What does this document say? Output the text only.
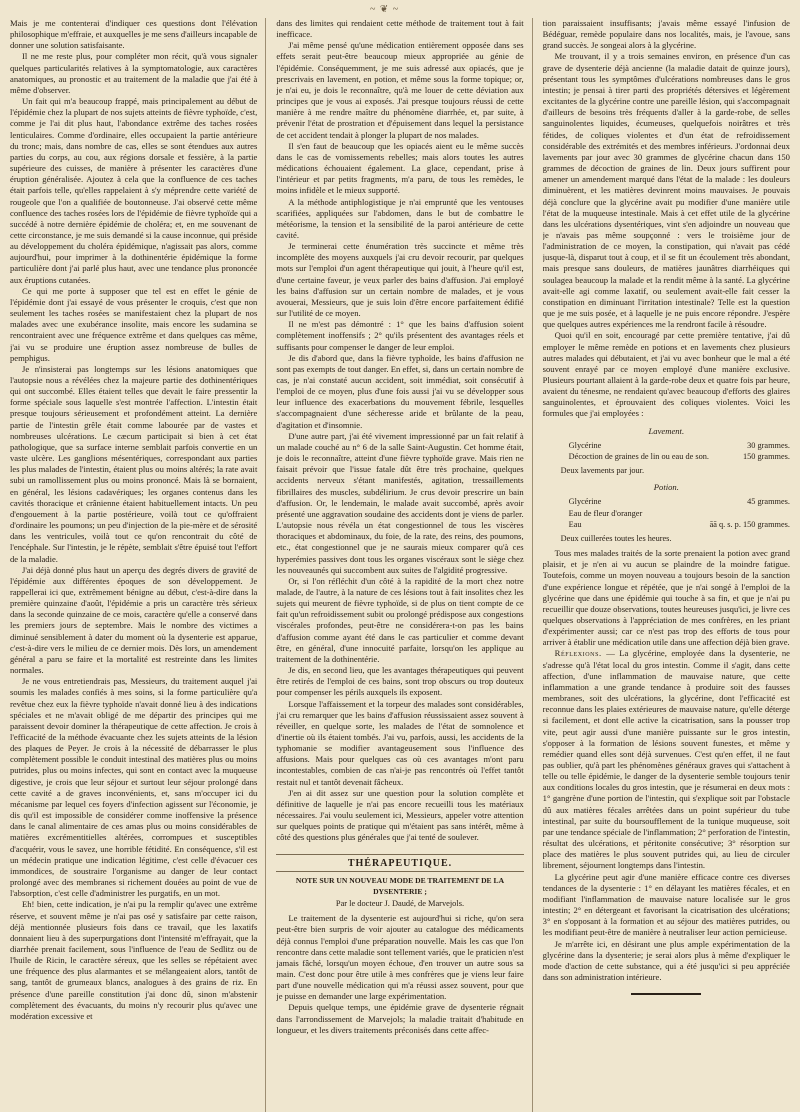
~ ❦ ~

Mais je me contenterai d'indiquer ces questions dont l'élévation philosophique m'effraie, et auxquelles je me sens d'ailleurs incapable de donner une solution satisfaisante.

Il ne me reste plus, pour compléter mon récit, qu'à vous signaler quelques particularités relatives à la symptomatologie, aux caractères anatomiques, au pronostic et au traitement de la maladie que j'ai été à même d'observer.

Un fait qui m'a beaucoup frappé, mais principalement au début de l'épidémie chez la plupart de nos sujets atteints de fièvre typhoïde, c'est, comme je l'ai dit plus haut, l'abondance extrême des taches rosées lenticulaires. Comme d'ordinaire, elles occupaient la partie antérieure du tronc; mais, dans nombre de cas, elles se sont étendues aux autres parties du corps, au cou, aux régions dorsale et fessière, à la partie supérieure des cuisses, de manière à présenter les caractères d'une éruption généralisée. Ajoutez à cela que la confluence de ces taches était parfois telle, qu'elles rappelaient à s'y méprendre cette variété de rougeole que l'on a qualifiée de boutonneuse. J'ai observé cette même confluence des taches rosées lors de l'épidémie de fièvre typhoïde qui a succédé à notre dernière épidémie de choléra; et, en me souvenant de cette circonstance, je me suis demandé si la cause inconnue, qui préside au développement du choléra épidémique, n'agissait pas alors, comme aujourd'hui, pour imprimer à la dothinentérie épidémique la forme particulière dont j'ai parlé plus haut, avec une tendance plus prononcée aux éruptions cutanées.

Ce qui me porte à supposer que tel est en effet le génie de l'épidémie dont j'ai essayé de vous présenter le croquis, c'est que non seulement les taches rosées se manifestaient chez la plupart de nos malades avec une exubérance insolite, mais encore les sudamina se rencontraient avec une fréquence extrême et dans quelques cas même, j'ai vu se produire une éruption assez nombreuse de bulles de pemphigus.

Je n'insisterai pas longtemps sur les lésions anatomiques que l'autopsie nous a révélées chez la majeure partie des dothinentériques qui ont succombé. Elles étaient telles que devait le faire pressentir la forme spéciale sous laquelle s'est montrée l'affection. L'intestin était presque toujours sérieusement et profondément atteint. La dernière partie de l'intestin grêle était comme labourée par de vastes et nombreuses ulcérations. Le cæcum participait si bien à cet état pathologique, que sa surface interne semblait parfois convertie en un vaste ulcère. Les ganglions mésentériques, correspondant aux parties les plus malades de l'intestin, étaient plus ou moins altérés; la rate avait subi un ramollissement plus ou moins prononcé. Mais là se bornaient, en général, les lésions cadavériques; les organes contenus dans les cavités thoracique et crânienne étaient habituellement intacts. Un peu d'engouement à la partie postérieure, voilà tout ce qu'offraient d'ordinaire les poumons; un peu d'injection de la pie-mère et de sérosité dans les ventricules, voilà tout ce qu'on rencontrait du côté de l'encéphale. Sur l'intestin, je le répète, semblait s'être épuisé tout l'effort de la maladie.

J'ai déjà donné plus haut un aperçu des degrés divers de gravité de l'épidémie aux différentes époques de son développement. Je rappellerai ici que, extrêmement bénigne au début, c'est-à-dire dans la première quinzaine d'août, l'épidémie a pris un caractère très sérieux dans la seconde quinzaine de ce mois, caractère qu'elle a conservé dans les premiers jours de septembre. Mais le nombre des victimes a diminué sensiblement à dater du moment où la dysenterie est apparue, c'est-à-dire vers le milieu de ce dernier mois. Dès lors, un amendement général a paru se faire et la mortalité est restreinte dans les limites normales.

Je ne vous entretiendrais pas, Messieurs, du traitement auquel j'ai soumis les malades confiés à mes soins, si la forme particulière qu'a revêtue chez eux la fièvre typhoïde n'avait donné lieu à des indications spéciales et ne m'avait obligé de me départir des principes qui me paraissent devoir dominer la thérapeutique de cette affection. Je crois à l'efficacité de la méthode évacuante chez les sujets atteints de la lésion des plaques de Peyer. Je crois à la nécessité de débarrasser le plus complètement possible le conduit intestinal des matières plus ou moins putrides, plus ou moins infectes, qui sont en contact avec la muqueuse digestive, je crois que leur séjour et surtout leur séjour prolongé dans cette cavité a de graves inconvénients, et, sans m'occuper ici du mécanisme par lequel ces foyers d'infection agissent sur l'économie, je dis qu'il est impossible de considérer comme inoffensive la présence dans le canal alimentaire de ces amas plus ou moins considérables de matières excrémentitielles altérées, corrompues et susceptibles d'acquérir, vous le savez, une horrible fétidité. En conséquence, s'il est un médecin pratique une indication légitime, c'est celle d'évacuer ces immondices, de soustraire l'organisme au danger de leur contact prolongé avec des membranes si richement douées au point de vue de l'absorption, c'est celle d'administrer les purgatifs, en un mot.

Eh! bien, cette indication, je n'ai pu la remplir qu'avec une extrême réserve, et souvent même je n'ai pas osé y satisfaire par cette raison, déjà mentionnée plusieurs fois dans ce travail, que les laxatifs donnaient lieu à des superpurgations dont l'intensité m'effrayait, que la diarrhée prenait facilement, sous l'influence de l'eau de Sedlitz ou de l'huile de Ricin, le caractère séreux, que les selles se répétaient avec une fréquence des plus alarmantes et se mélangeaient alors, tantôt de sang, tantôt de grumeaux blancs, analogues à des grains de riz. En présence d'une pareille constitution j'ai donc dû, sinon m'abstenir complètement des évacuants, du moins n'y recourir plus qu'avec une modération excessive et

dans des limites qui rendaient cette méthode de traitement tout à fait inefficace.

J'ai même pensé qu'une médication entièrement opposée dans ses effets serait peut-être beaucoup mieux appropriée au génie de l'épidémie. Conséquemment, je me suis adressé aux opiacés, que je prescrivais en lavement, en potion, et même sous la forme topique; or, je n'ai eu, je dois le reconnaître, qu'à me louer de cette déviation aux principes que je vous ai exposés. J'ai presque toujours réussi de cette manière à me rendre maître du phénomène diarrhée, et, par suite, à prévenir l'état de prostration et d'épuisement dans lequel la persistance de cet accident tendait à plonger la plupart de nos malades.

Il s'en faut de beaucoup que les opiacés aient eu le même succès dans le cas de vomissements rebelles; mais alors toutes les autres médications échouaient également. La glace, cependant, prise à l'intérieur et par petits fragments, m'a paru, de tous les remèdes, le moins infidèle et le mieux supporté.

A la méthode antiphlogistique je n'ai emprunté que les ventouses scarifiées, appliquées sur l'abdomen, dans le but de combattre le météorisme, la tension et la sensibilité de la paroi antérieure de cette cavité.

Je terminerai cette énumération très succincte et même très incomplète des moyens auxquels j'ai cru devoir recourir, par quelques mots sur l'emploi d'un agent thérapeutique qui jouit, à l'heure qu'il est, d'une certaine faveur, je veux parler des bains d'affusion. J'ai employé les bains d'affusion sur un certain nombre de malades, et je vous avouerai, Messieurs, que je suis loin d'être encore parfaitement édifié sur l'utilité de ce moyen.

Il ne m'est pas démontré : 1° que les bains d'affusion soient complètement inoffensifs ; 2° qu'ils présentent des avantages réels et suffisants pour compenser le danger de leur emploi.

Je dis d'abord que, dans la fièvre typhoïde, les bains d'affusion ne sont pas exempts de tout danger. En effet, si, dans un certain nombre de cas, je n'ai constaté aucun accident, soit immédiat, soit consécutif à l'emploi de ce moyen, plus d'une fois aussi j'ai vu se développer sous leur influence des exacerbations du mouvement fébrile, lesquelles s'accompagnaient d'une sécheresse aride et brûlante de la peau, d'agitation et d'insomnie.

D'une autre part, j'ai été vivement impressionné par un fait relatif à un malade couché au n° 6 de la salle Saint-Augustin. Cet homme était, je dois le reconnaître, atteint d'une fièvre typhoïde grave. Mais rien ne faisait prévoir que l'issue fatale dût être très prochaine, quelques accidents nerveux s'étant manifestés, agitation, tressaillements fibrillaires des muscles, subdélirium. Je crus devoir prescrire un bain d'affusion. Or, le lendemain, le malade avait succombé, après avoir présenté une aggravation soudaine des accidents dont je viens de parler. L'autopsie nous révéla un état congestionnel de tous les viscères thoraciques et abdominaux, du foie, de la rate, des reins, des poumons, etc., état congestionnel que je ne saurais mieux comparer qu'à ces hyperémies passives dont tous les organes viscéraux sont le siège chez les nouveaunés qui succombent aux suites de l'algidité progressive.

Or, si l'on réfléchit d'un côté à la rapidité de la mort chez notre malade, de l'autre, à la nature de ces lésions tout à fait insolites chez les sujets qui meurent de fièvre typhoïde, si de plus on tient compte de ce fait qu'un refroidissement subit ou prolongé prédispose aux congestions viscérales profondes, peut-être ne considérera-t-on pas les bains d'affusion comme ayant été dans le cas particulier et comme devant être, en général, d'une innocuité parfaite, lorsqu'on les applique au traitement de la dothinentérie.

Je dis, en second lieu, que les avantages thérapeutiques qui peuvent être retirés de l'emploi de ces bains, sont trop obscurs ou trop douteux pour compenser les périls auxquels ils exposent.

Lorsque l'affaissement et la torpeur des malades sont considérables, j'ai cru remarquer que les bains d'affusion réussissaient assez souvent à réveiller, en quelque sorte, les malades de l'état de somnolence et d'inertie où ils étaient tombés. J'ai vu, parfois, aussi, les accidents de la typhomanie se modifier avantageusement sous l'influence des affusions. Mais pour quelques cas où ces avantages m'ont paru incontestables, combien de cas n'ai-je pas rencontrés où l'effet tantôt restait nul et tantôt devenait fâcheux.

J'en ai dit assez sur une question pour la solution complète et définitive de laquelle je n'ai pas encore recueilli tous les matériaux nécessaires. J'ai voulu seulement ici, Messieurs, appeler votre attention sur quelques points de pratique qui m'étaient pas sans intérêt, même à côté des questions plus générales que j'ai tenté de soulever.

THÉRAPEUTIQUE.
NOTE SUR UN NOUVEAU MODE DE TRAITEMENT DE LA DYSENTERIE ;
Par le docteur J. Daudé, de Marvejols.

Le traitement de la dysenterie est aujourd'hui si riche, qu'on sera peut-être bien surpris de voir ajouter au catalogue des médicaments déjà connus l'emploi d'une préparation nouvelle. Mais les cas que l'on rencontre dans cette maladie sont tellement variés, que le praticien n'est jamais fâché, lorsqu'un moyen échoue, d'en trouver un autre sous sa main. C'est donc pour être utile à mes confrères que je viens leur faire part d'une nouvelle médication qui m'a réussi assez souvent, pour que je puisse en demander une large expérimentation.

Depuis quelque temps, une épidémie grave de dysenterie régnait dans l'arrondissement de Marvejols; la maladie traitait d'habitude en longueur, et les divers traitements préconisés dans cette affec-

tion paraissaient insuffisants; j'avais même essayé l'infusion de Bédéguar, remède populaire dans nos localités, mais, je l'avoue, sans grand succès. Je songeai alors à la glycérine.

Me trouvant, il y a trois semaines environ, en présence d'un cas grave de dysenterie déjà ancienne (la maladie datait de quinze jours), présentant tous les symptômes d'ulcérations nombreuses dans le gros intestin; je pensai à tirer parti des propriétés détersives et légèrement excitantes de la glycérine contre une pareille lésion, qui s'accompagnait d'ailleurs de besoins très fréquents d'aller à la garde-robe, de selles sanguinolentes liquides, écumeuses, quelquefois noirâtres et très fétides, de coliques violentes et d'un état de refroidissement considérable des extrémités et des membres inférieurs. J'ordonnai deux lavements par jour avec 30 grammes de glycérine chacun dans 150 grammes de décoction de graines de lin. Deux jours suffirent pour amener un amendement marqué dans l'état de la malade : les douleurs diminuèrent, et les matières devinrent moins mauvaises. Je pouvais déjà conclure que la glycérine avait pu modifier d'une manière utile l'état de la muqueuse intestinale. Mais à cet effet utile de la glycérine dans les ulcérations dysentériques, vint s'en adjoindre un nouveau que je n'avais pas même soupçonné : vers le troisième jour de l'administration de ce moyen, la constipation, qui n'avait pas cédé jusque-là, disparut tout à coup, et il se fit un écoulement très abondant, mais presque sans douleurs, de matières jaunâtres diarrhéiques qui soulagea beaucoup la malade et la rendit même à la santé. La glycérine avait-elle agi comme laxatif, ou seulement avait-elle fait cesser la constipation en diminuant l'irritation intestinale? Telle est la question que je me suis posée, et à laquelle je ne puis encore répondre. J'espère que quelques autres expériences me la rendront facile à résoudre.

Quoi qu'il en soit, encouragé par cette première tentative, j'ai dû employer le même remède en potions et en lavements chez plusieurs autres malades qui débutaient, et j'ai vu avec bonheur que le mal a été souvent enrayé par ce moyen employé d'une manière exclusive. Plusieurs pourtant allaient à la garde-robe deux et quatre fois par heure, avaient du ténesme, ne rendaient qu'avec beaucoup d'efforts des glaires sanguinolentes, et éprouvaient des coliques violentes. Voici les formules que j'ai employées :

Lavement.
Glycérine	30 grammes.
Décoction de graines de lin ou eau de son.	150 grammes.
Deux lavements par jour.
Potion.
Glycérine	45 grammes.
Eau de fleur d'oranger
Eau	āā q. s. p. 150 grammes.
Deux cuillerées toutes les heures.

Tous mes malades traités de la sorte prenaient la potion avec grand plaisir, et je n'en ai vu aucun se plaindre de la moindre fatigue. Toutefois, comme un moyen nouveau a toujours besoin de la sanction d'une expérience longue et répétée, que je n'ai songé à l'emploi de la glycérine que dans une épidémie qui touche à sa fin, et que je n'ai pu recueillir que douze observations, toutes heureuses jusqu'ici, je livre ces quelques observations à l'appréciation de mes confrères, en les priant d'expérimenter aussi; car ce n'est pas trop des efforts de tous pour arriver à établir une médication utile dans une affection déjà bien grave.

Réflexions. — La glycérine, employée dans la dysenterie, ne s'adresse qu'à l'état local du gros intestin. Comme il s'agit, dans cette affection, d'une inflammation de mauvaise nature, que cette inflammation a une grande tendance à produire soit des fausses membranes, soit des ulcérations, la glycérine, dont l'efficacité est reconnue dans les plaies extérieures de mauvaise nature, qu'elle déterge si facilement, et dont elle active la cicatrisation, sans la pousser trop vite, peut agir aussi d'une manière puissante sur le gros intestin, s'opposer à la formation de lésions souvent funestes, et même y remédier quand elles sont déjà survenues. C'est qu'en effet, il ne faut pas oublier, qu'à part les phénomènes généraux graves qui s'attachent à telle ou telle épidémie, le danger de la dysenterie semble toujours tenir aux conditions locales du gros intestin, que je résumerai en deux mots : 1° gangrène d'une portion de l'intestin, qui s'explique soit par l'obstacle dû aux matières fécales arrêtées dans un point supérieur du tube intestinal, par suite du boursoufflement de la tunique muqueuse, soit par une tendance spéciale de l'inflammation; 2° perforation de l'intestin, résultat des ulcérations, et péritonite consécutive; 3° résorption sur place des matières le plus souvent putrides qui, au lieu de circuler librement, séjournent longtemps dans l'intestin.

La glycérine peut agir d'une manière efficace contre ces diverses tendances de la dysenterie : 1° en délayant les matières fécales, et en modifiant l'inflammation de mauvaise nature localisée sur le gros intestin; 2° en détergeant et favorisant la cicatrisation des ulcérations; 3° en s'opposant à la formation et au séjour des matières putrides, ou les modifiant peut-être de manière à neutraliser leur action pernicieuse.

Je m'arrête ici, en désirant une plus ample expérimentation de la glycérine dans la dysenterie; je serai alors plus à même d'expliquer le mode d'action de cette substance, qui a été jusqu'ici si peu appréciée dans son administration intérieure.
